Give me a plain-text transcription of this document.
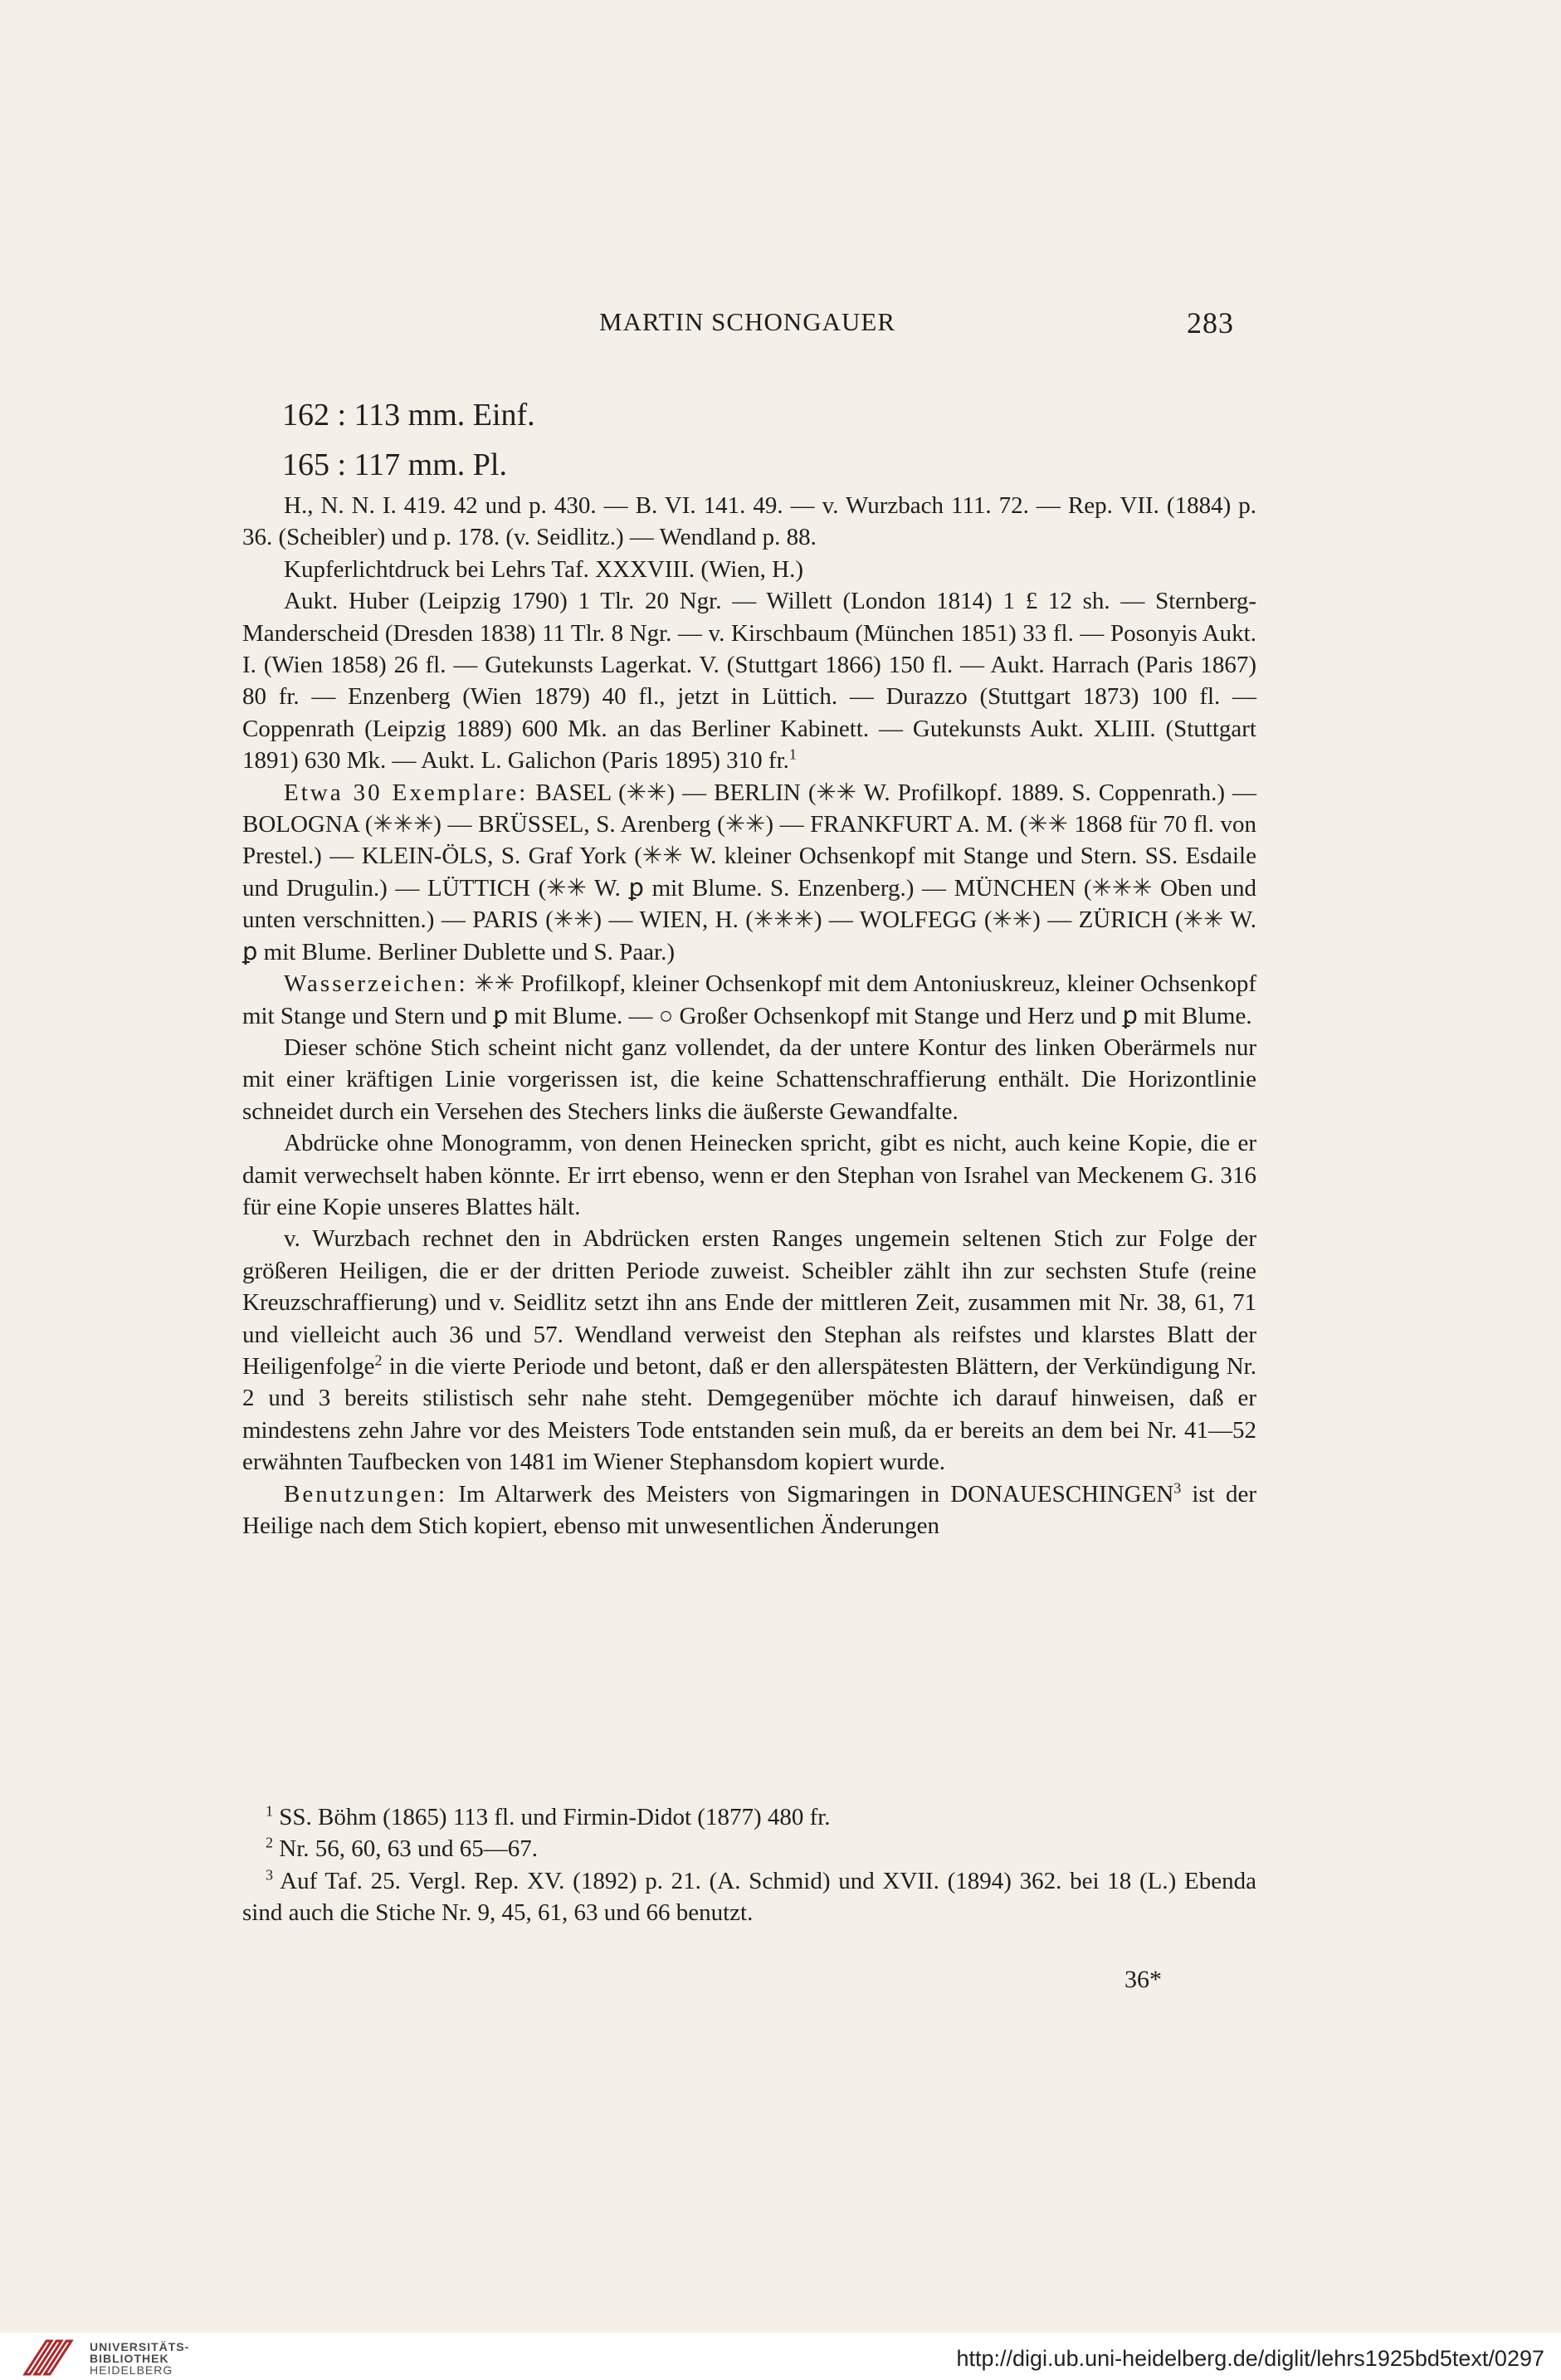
MARTIN SCHONGAUER	283
162 : 113 mm. Einf.
165 : 117 mm. Pl.

H., N. N. I. 419. 42 und p. 430. — B. VI. 141. 49. — v. Wurzbach 111. 72. — Rep. VII. (1884) p. 36. (Scheibler) und p. 178. (v. Seidlitz.) — Wendland p. 88.

Kupferlichtdruck bei Lehrs Taf. XXXVIII. (Wien, H.)

Aukt. Huber (Leipzig 1790) 1 Tlr. 20 Ngr. — Willett (London 1814) 1 £ 12 sh. — Sternberg-Manderscheid (Dresden 1838) 11 Tlr. 8 Ngr. — v. Kirschbaum (München 1851) 33 fl. — Posonyis Aukt. I. (Wien 1858) 26 fl. — Gutekunsts Lagerkat. V. (Stuttgart 1866) 150 fl. — Aukt. Harrach (Paris 1867) 80 fr. — Enzenberg (Wien 1879) 40 fl., jetzt in Lüttich. — Durazzo (Stuttgart 1873) 100 fl. — Coppenrath (Leipzig 1889) 600 Mk. an das Berliner Kabinett. — Gutekunsts Aukt. XLIII. (Stuttgart 1891) 630 Mk. — Aukt. L. Galichon (Paris 1895) 310 fr.$^1$

Etwa 30 Exemplare: BASEL (✳✳) — BERLIN (✳✳ W. Profilkopf. 1889. S. Coppenrath.) — BOLOGNA (✳✳✳) — BRÜSSEL, S. Arenberg (✳✳) — FRANKFURT A. M. (✳✳ 1868 für 70 fl. von Prestel.) — KLEIN-ÖLS, S. Graf York (✳✳ W. kleiner Ochsenkopf mit Stange und Stern. SS. Esdaile und Drugulin.) — LÜTTICH (✳✳ W. ꝑ mit Blume. S. Enzenberg.) — MÜNCHEN (✳✳✳ Oben und unten verschnitten.) — PARIS (✳✳) — WIEN, H. (✳✳✳) — WOLFEGG (✳✳) — ZÜRICH (✳✳ W. ꝑ mit Blume. Berliner Dublette und S. Paar.)

Wasserzeichen: ✳✳ Profilkopf, kleiner Ochsenkopf mit dem Antoniuskreuz, kleiner Ochsenkopf mit Stange und Stern und ꝑ mit Blume. — ○ Großer Ochsenkopf mit Stange und Herz und ꝑ mit Blume.

Dieser schöne Stich scheint nicht ganz vollendet, da der untere Kontur des linken Oberärmels nur mit einer kräftigen Linie vorgerissen ist, die keine Schattenschraffierung enthält. Die Horizontlinie schneidet durch ein Versehen des Stechers links die äußerste Gewandfalte.

Abdrücke ohne Monogramm, von denen Heinecken spricht, gibt es nicht, auch keine Kopie, die er damit verwechselt haben könnte. Er irrt ebenso, wenn er den Stephan von Israhel van Meckenem G. 316 für eine Kopie unseres Blattes hält.

v. Wurzbach rechnet den in Abdrücken ersten Ranges ungemein seltenen Stich zur Folge der größeren Heiligen, die er der dritten Periode zuweist. Scheibler zählt ihn zur sechsten Stufe (reine Kreuzschraffierung) und v. Seidlitz setzt ihn ans Ende der mittleren Zeit, zusammen mit Nr. 38, 61, 71 und vielleicht auch 36 und 57. Wendland verweist den Stephan als reifstes und klarstes Blatt der Heiligenfolge$^2$ in die vierte Periode und betont, daß er den allerspätesten Blättern, der Verkündigung Nr. 2 und 3 bereits stilistisch sehr nahe steht. Demgegenüber möchte ich darauf hinweisen, daß er mindestens zehn Jahre vor des Meisters Tode entstanden sein muß, da er bereits an dem bei Nr. 41—52 erwähnten Taufbecken von 1481 im Wiener Stephansdom kopiert wurde.

Benutzungen: Im Altarwerk des Meisters von Sigmaringen in DONAUESCHINGEN$^3$ ist der Heilige nach dem Stich kopiert, ebenso mit unwesentlichen Änderungen

$^1$ SS. Böhm (1865) 113 fl. und Firmin-Didot (1877) 480 fr.

$^2$ Nr. 56, 60, 63 und 65—67.

$^3$ Auf Taf. 25. Vergl. Rep. XV. (1892) p. 21. (A. Schmid) und XVII. (1894) 362. bei 18 (L.) Ebenda sind auch die Stiche Nr. 9, 45, 61, 63 und 66 benutzt.

36*
UNIVERSITÄTS-
BIBLIOTHEK
HEIDELBERG	http://digi.ub.uni-heidelberg.de/diglit/lehrs1925bd5text/0297
